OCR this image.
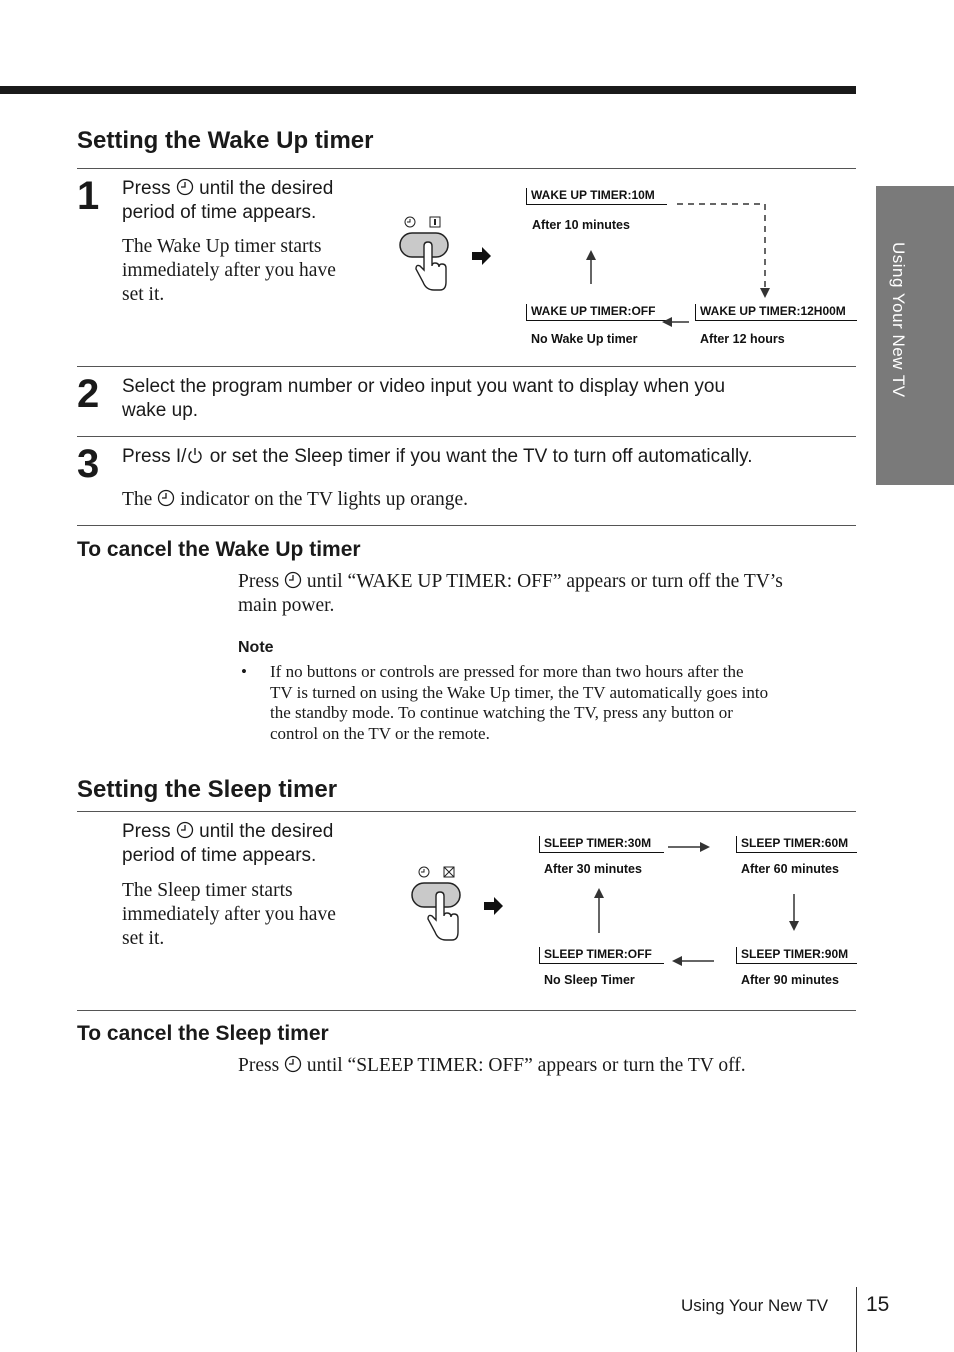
Using Your New TV
Setting the Wake Up timer
1 Press until the desired
period of time appears.
The Wake Up timer starts
immediately after you have
set it.
WAKE UP TIMER:10M
After 10 minutes
WAKE UP TIMER:OFF
No Wake Up timer
WAKE UP TIMER:12H00M
After 12 hours
2 Select the program number or video input you want to display when you
wake up.
3 Press I/ or set the Sleep timer if you want the TV to turn off automatically.
The indicator on the TV lights up orange.
To cancel the Wake Up timer
Press until “WAKE UP TIMER: OFF” appears or turn off the TV’s
main power.
Note
• If no buttons or controls are pressed for more than two hours after the
TV is turned on using the Wake Up timer, the TV automatically goes into
the standby mode. To continue watching the TV, press any button or
control on the TV or the remote.
Setting the Sleep timer
Press until the desired
period of time appears.
The Sleep timer starts
immediately after you have
set it.
SLEEP TIMER:30M
After 30 minutes
SLEEP TIMER:60M
After 60 minutes
SLEEP TIMER:OFF
No Sleep Timer
SLEEP TIMER:90M
After 90 minutes
To cancel the Sleep timer
Press until “SLEEP TIMER: OFF” appears or turn the TV off.
Using Your New TV 15
